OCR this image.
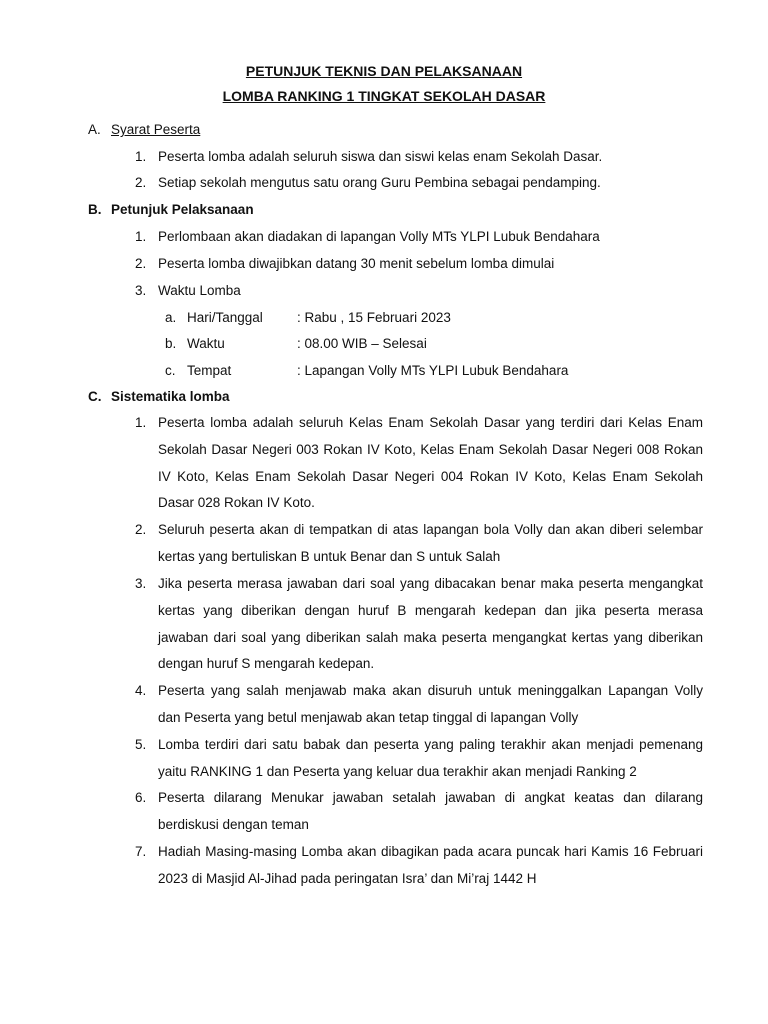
PETUNJUK TEKNIS DAN PELAKSANAAN
LOMBA RANKING 1 TINGKAT SEKOLAH DASAR
A. Syarat Peserta
1. Peserta lomba adalah seluruh siswa dan siswi kelas enam Sekolah Dasar.
2. Setiap sekolah mengutus satu orang Guru Pembina sebagai pendamping.
B. Petunjuk Pelaksanaan
1. Perlombaan akan diadakan di lapangan Volly MTs YLPI Lubuk Bendahara
2. Peserta lomba diwajibkan datang 30 menit sebelum lomba dimulai
3. Waktu Lomba
a. Hari/Tanggal	: Rabu , 15 Februari 2023
b. Waktu	: 08.00 WIB – Selesai
c. Tempat	: Lapangan Volly MTs YLPI Lubuk Bendahara
C. Sistematika lomba
1. Peserta lomba adalah seluruh Kelas Enam Sekolah Dasar yang terdiri dari Kelas Enam Sekolah Dasar Negeri 003 Rokan IV Koto, Kelas Enam Sekolah Dasar Negeri 008 Rokan IV Koto, Kelas Enam Sekolah Dasar Negeri 004 Rokan IV Koto, Kelas Enam Sekolah Dasar 028 Rokan IV Koto.
2. Seluruh peserta akan di tempatkan di atas lapangan bola Volly dan akan diberi selembar kertas yang bertuliskan B untuk Benar dan S untuk Salah
3. Jika peserta merasa jawaban dari soal yang dibacakan benar maka peserta mengangkat kertas yang diberikan dengan huruf B mengarah kedepan dan jika peserta merasa jawaban dari soal yang diberikan salah maka peserta mengangkat kertas yang diberikan dengan huruf S mengarah kedepan.
4. Peserta yang salah menjawab maka akan disuruh untuk meninggalkan Lapangan Volly dan Peserta yang betul menjawab akan tetap tinggal di lapangan Volly
5. Lomba terdiri dari satu babak dan peserta yang paling terakhir akan menjadi pemenang yaitu RANKING 1 dan Peserta yang keluar dua terakhir akan menjadi Ranking 2
6. Peserta dilarang Menukar jawaban setalah jawaban di angkat keatas dan dilarang berdiskusi dengan teman
7. Hadiah Masing-masing Lomba akan dibagikan pada acara puncak hari Kamis 16 Februari 2023 di Masjid Al-Jihad pada peringatan Isra’ dan Mi’raj 1442 H
